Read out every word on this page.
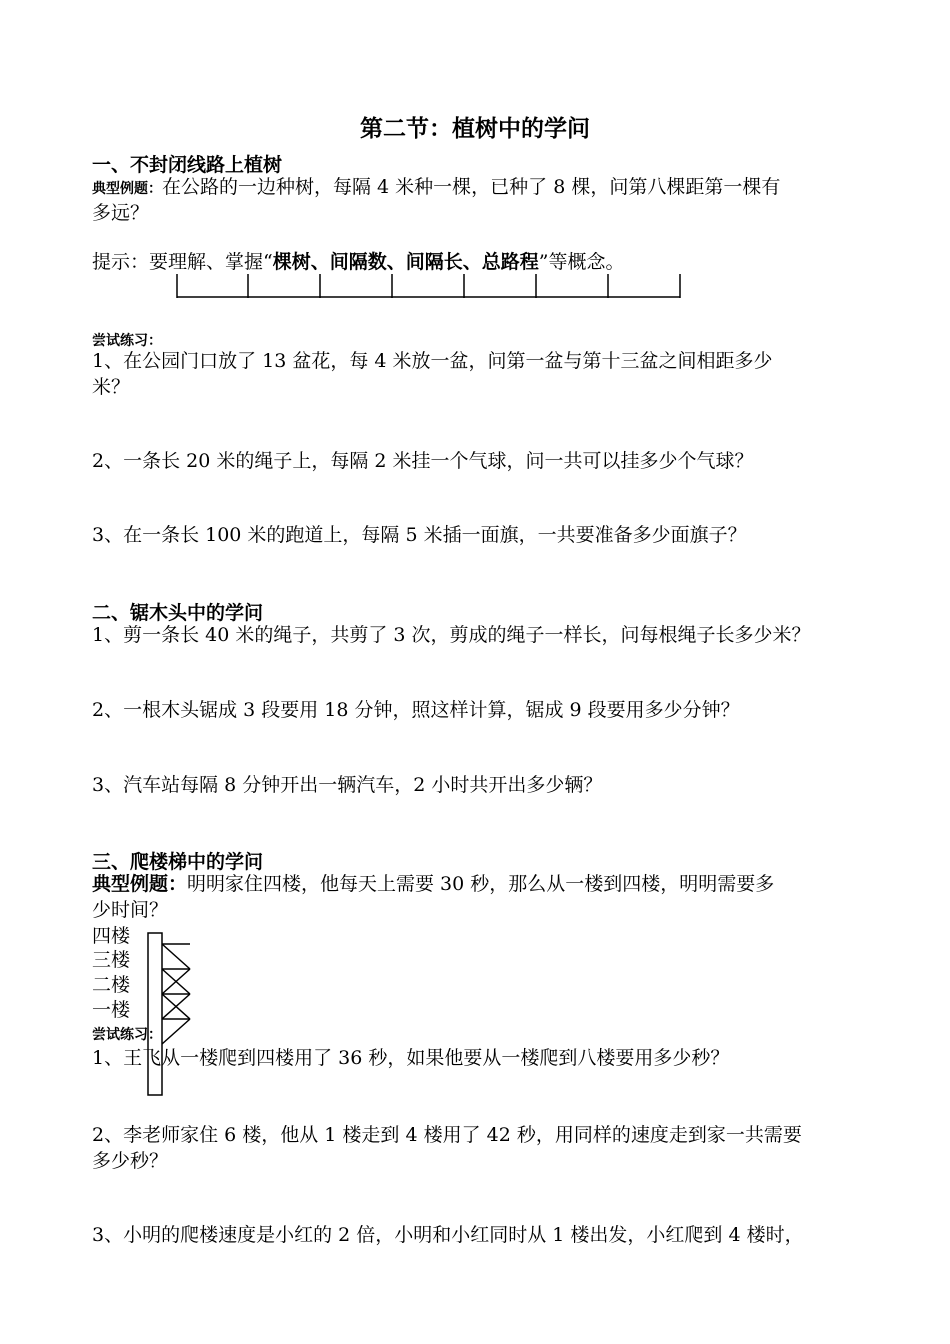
第二节：植树中的学问
一、不封闭线路上植树
典型例题：在公路的一边种树，每隔 4 米种一棵，已种了 8 棵，问第八棵距第一棵有
多远？
提示：要理解、掌握“棵树、间隔数、间隔长、总路程”等概念。
尝试练习：
1、在公园门口放了 13 盆花，每 4 米放一盆，问第一盆与第十三盆之间相距多少
米？
2、一条长 20 米的绳子上，每隔 2 米挂一个气球，问一共可以挂多少个气球？
3、在一条长 100 米的跑道上，每隔 5 米插一面旗，一共要准备多少面旗子？
二、锯木头中的学问
1、剪一条长 40 米的绳子，共剪了 3 次，剪成的绳子一样长，问每根绳子长多少米？
2、一根木头锯成 3 段要用 18 分钟，照这样计算，锯成 9 段要用多少分钟？
3、汽车站每隔 8 分钟开出一辆汽车，2 小时共开出多少辆？
三、爬楼梯中的学问
典型例题：明明家住四楼，他每天上需要 30 秒，那么从一楼到四楼，明明需要多
少时间？
四楼
三楼
二楼
一楼
尝试练习：
1、王飞从一楼爬到四楼用了 36 秒，如果他要从一楼爬到八楼要用多少秒？
2、李老师家住 6 楼，他从 1 楼走到 4 楼用了 42 秒，用同样的速度走到家一共需要
多少秒？
3、小明的爬楼速度是小红的 2 倍，小明和小红同时从 1 楼出发，小红爬到 4 楼时，
